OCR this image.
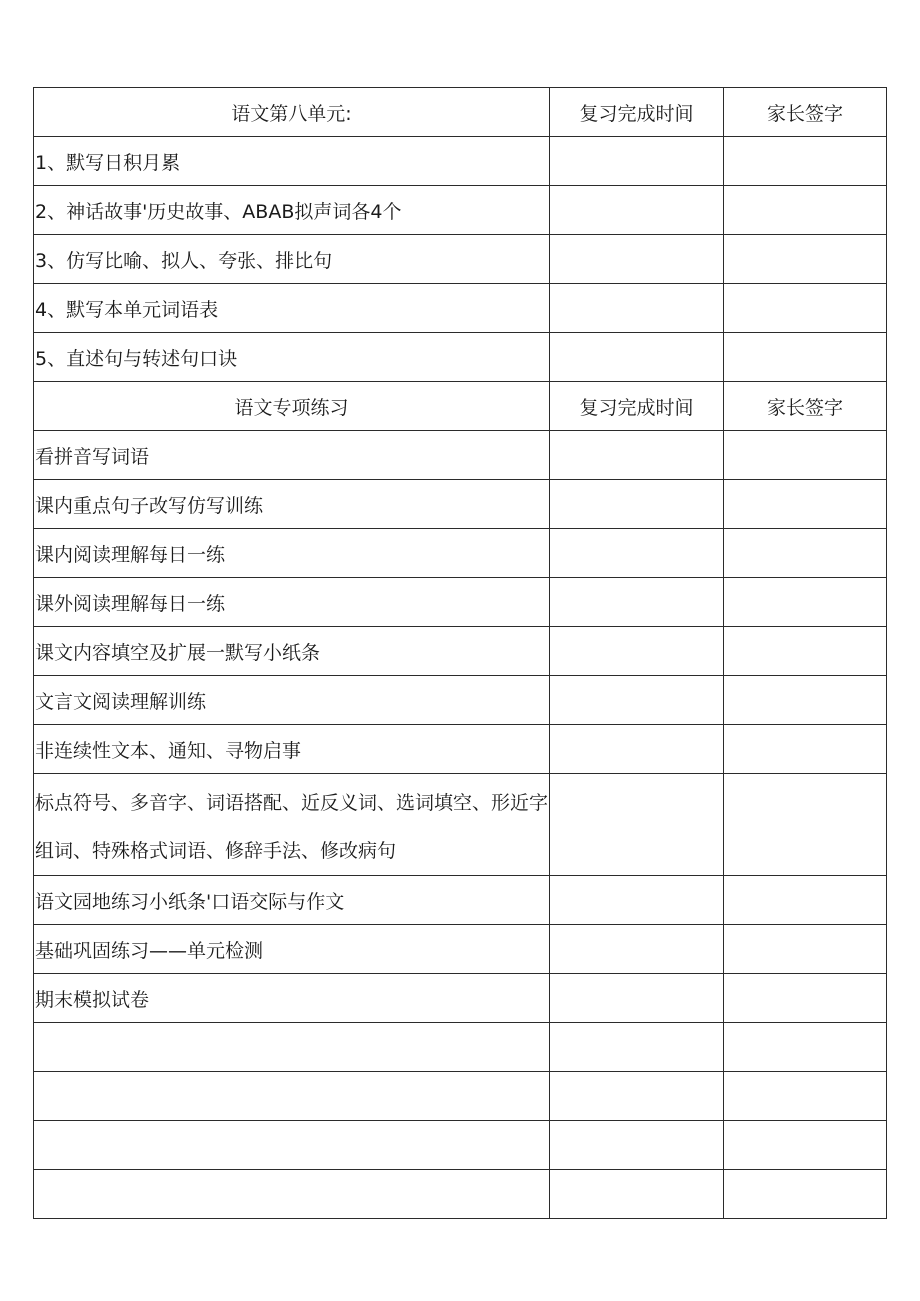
语文第八单元:	复习完成时间	家长签字
1、默写日积月累		
2、神话故事'历史故事、ABAB拟声词各4个		
3、仿写比喻、拟人、夸张、排比句		
4、默写本单元词语表		
5、直述句与转述句口诀		
语文专项练习	复习完成时间	家长签字
看拼音写词语		
课内重点句子改写仿写训练		
课内阅读理解每日一练		
课外阅读理解每日一练		
课文内容填空及扩展一默写小纸条		
文言文阅读理解训练		
非连续性文本、通知、寻物启事		
标点符号、多音字、词语搭配、近反义词、选词填空、形近字组词、特殊格式词语、修辞手法、修改病句		
语文园地练习小纸条'口语交际与作文		
基础巩固练习——单元检测		
期末模拟试卷		
